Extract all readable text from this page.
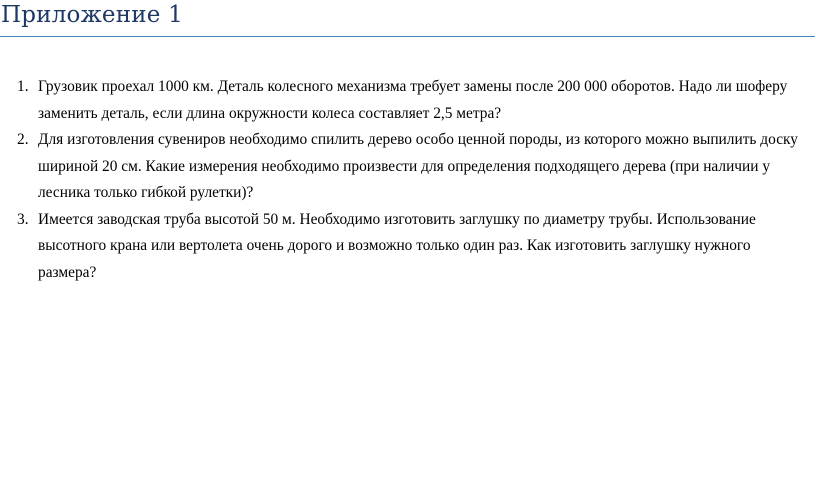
Приложение 1
1. Грузовик проехал 1000 км. Деталь колесного механизма требует замены после 200 000 оборотов. Надо ли шоферу заменить деталь, если длина окружности колеса составляет 2,5 метра?
2. Для изготовления сувениров необходимо спилить дерево особо ценной породы, из которого можно выпилить доску шириной 20 см. Какие измерения необходимо произвести для определения подходящего дерева (при наличии у лесника только гибкой рулетки)?
3. Имеется заводская труба высотой 50 м. Необходимо изготовить заглушку по диаметру трубы. Использование высотного крана или вертолета очень дорого и возможно только один раз. Как изготовить заглушку нужного размера?
